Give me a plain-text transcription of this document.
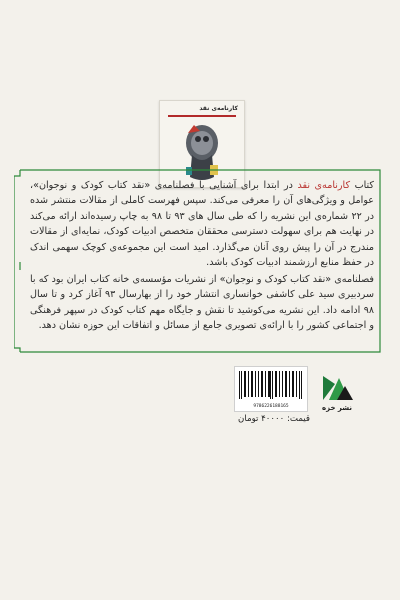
کارنامه‌ی نقد

کتاب کارنامه‌ی نقد در ابتدا برای آشنایی با فصلنامه‌ی «نقد کتاب کودک و نوجوان»، عوامل و ویژگی‌های آن را معرفی می‌کند. سپس فهرست کاملی از مقالات منتشر شده در ۲۲ شماره‌ی این نشریه را که طی سال های ۹۳ تا ۹۸ به چاپ رسیده‌اند ارائه می‌کند در نهایت هم برای سهولت دسترسی محققان متخصص ادبیات کودک، نمایه‌ای از مقالات مندرج در آن را پیش روی آنان می‌گذارد. امید است این مجموعه‌ی کوچک سهمی اندک در حفظ منابع ارزشمند ادبیات کودک باشد.

فصلنامه‌ی «نقد کتاب کودک و نوجوان» از نشریات مؤسسه‌ی خانه کتاب ایران بود که با سردبیری سید علی کاشفی خوانساری انتشار خود را از بهارسال ۹۳ آغاز کرد و تا سال ۹۸ ادامه داد. این نشریه می‌کوشید تا نقش و جایگاه مهم کتاب کودک در سپهر فرهنگی و اجتماعی کشور را با ارائه‌ی تصویری جامع از مسائل و اتفاقات این حوزه نشان دهد.

نشر خزه
9786226188165
قیمت: ۴۰۰۰۰ تومان
